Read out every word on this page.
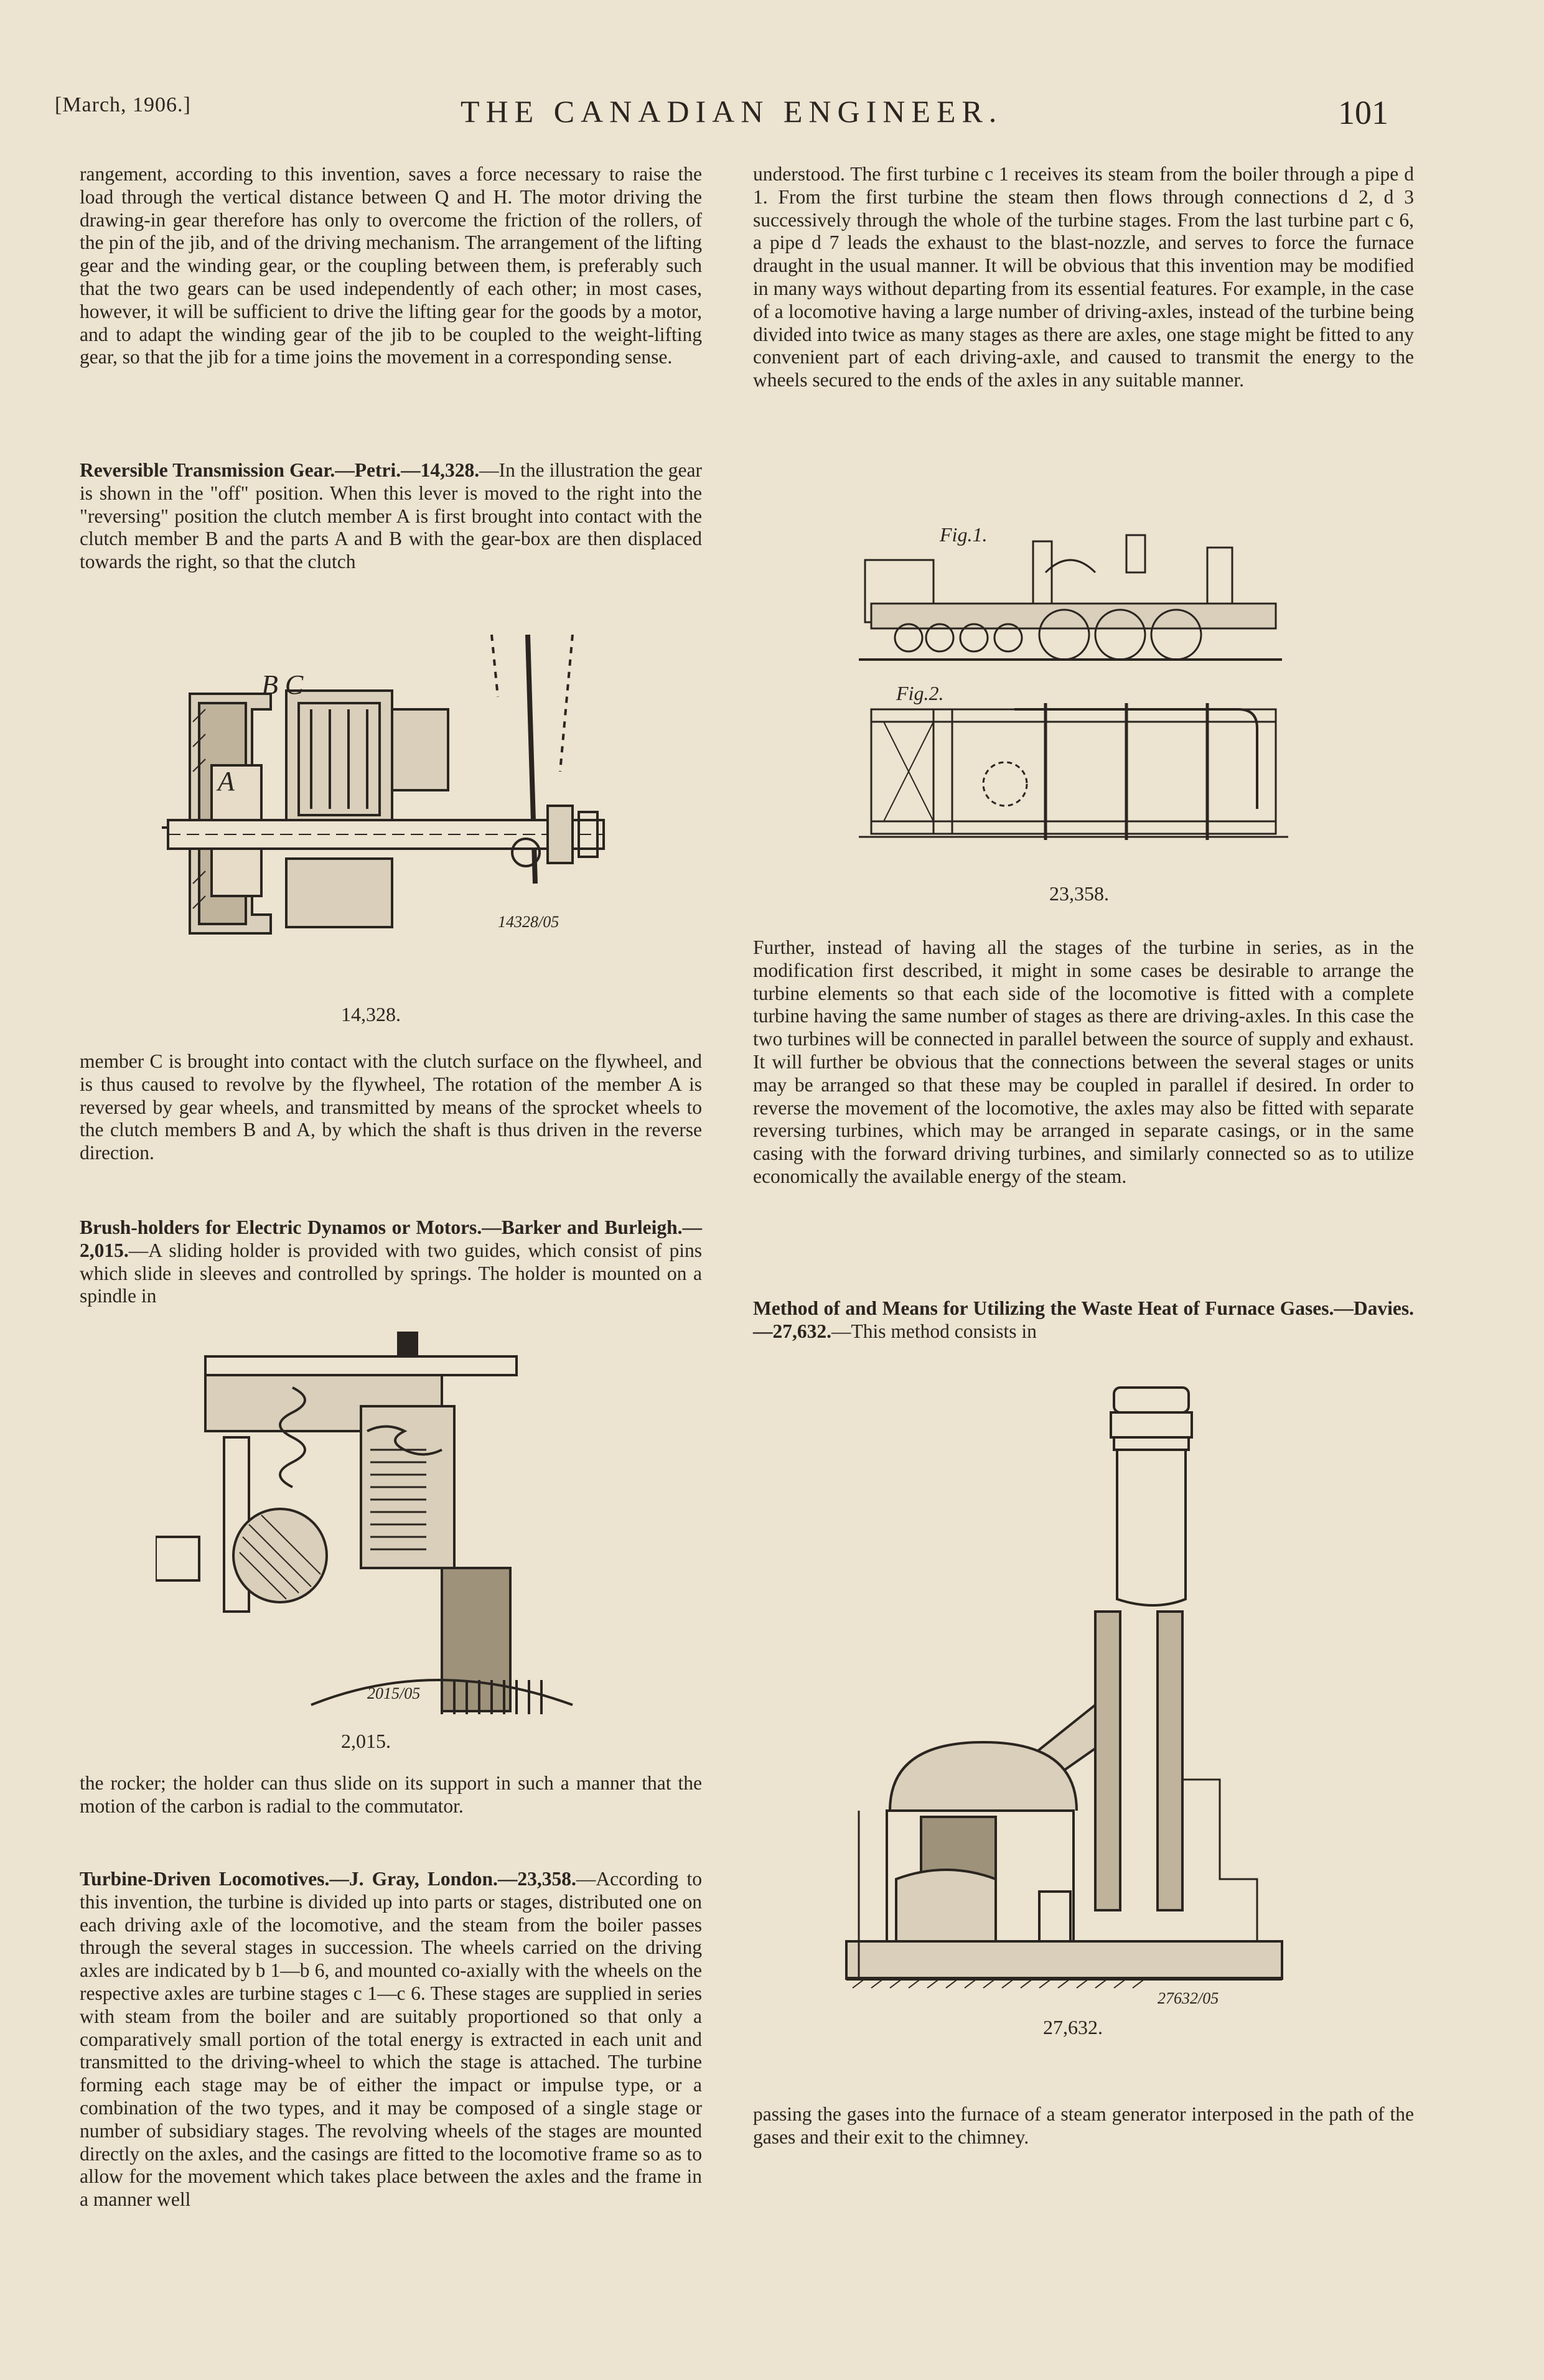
[March, 1906.]	THE CANADIAN ENGINEER.	101

rangement, according to this invention, saves a force necessary to raise the load through the vertical distance between Q and H. The motor driving the drawing-in gear therefore has only to overcome the friction of the rollers, of the pin of the jib, and of the driving mechanism. The arrangement of the lifting gear and the winding gear, or the coupling between them, is preferably such that the two gears can be used independently of each other; in most cases, however, it will be sufficient to drive the lifting gear for the goods by a motor, and to adapt the winding gear of the jib to be coupled to the weight-lifting gear, so that the jib for a time joins the movement in a corresponding sense.

Reversible Transmission Gear.—Petri.—14,328.—In the illustration the gear is shown in the "off" position. When this lever is moved to the right into the "reversing" position the clutch member A is first brought into contact with the clutch member B and the parts A and B with the gear-box are then displaced towards the right, so that the clutch

B C
A
14328/05
14,328.

member C is brought into contact with the clutch surface on the flywheel, and is thus caused to revolve by the flywheel, The rotation of the member A is reversed by gear wheels, and transmitted by means of the sprocket wheels to the clutch members B and A, by which the shaft is thus driven in the reverse direction.

Brush-holders for Electric Dynamos or Motors.—Barker and Burleigh.—2,015.—A sliding holder is provided with two guides, which consist of pins which slide in sleeves and controlled by springs. The holder is mounted on a spindle in

2015/05
2,015.

the rocker; the holder can thus slide on its support in such a manner that the motion of the carbon is radial to the commutator.

Turbine-Driven Locomotives.—J. Gray, London.—23,358.—According to this invention, the turbine is divided up into parts or stages, distributed one on each driving axle of the locomotive, and the steam from the boiler passes through the several stages in succession. The wheels carried on the driving axles are indicated by b 1—b 6, and mounted co-axially with the wheels on the respective axles are turbine stages c 1—c 6. These stages are supplied in series with steam from the boiler and are suitably proportioned so that only a comparatively small portion of the total energy is extracted in each unit and transmitted to the driving-wheel to which the stage is attached. The turbine forming each stage may be of either the impact or impulse type, or a combination of the two types, and it may be composed of a single stage or number of subsidiary stages. The revolving wheels of the stages are mounted directly on the axles, and the casings are fitted to the locomotive frame so as to allow for the movement which takes place between the axles and the frame in a manner well

understood. The first turbine c 1 receives its steam from the boiler through a pipe d 1. From the first turbine the steam then flows through connections d 2, d 3 successively through the whole of the turbine stages. From the last turbine part c 6, a pipe d 7 leads the exhaust to the blast-nozzle, and serves to force the furnace draught in the usual manner. It will be obvious that this invention may be modified in many ways without departing from its essential features. For example, in the case of a locomotive having a large number of driving-axles, instead of the turbine being divided into twice as many stages as there are axles, one stage might be fitted to any convenient part of each driving-axle, and caused to transmit the energy to the wheels secured to the ends of the axles in any suitable manner.

Fig.1.
Fig.2.
23,358.

Further, instead of having all the stages of the turbine in series, as in the modification first described, it might in some cases be desirable to arrange the turbine elements so that each side of the locomotive is fitted with a complete turbine having the same number of stages as there are driving-axles. In this case the two turbines will be connected in parallel between the source of supply and exhaust. It will further be obvious that the connections between the several stages or units may be arranged so that these may be coupled in parallel if desired. In order to reverse the movement of the locomotive, the axles may also be fitted with separate reversing turbines, which may be arranged in separate casings, or in the same casing with the forward driving turbines, and similarly connected so as to utilize economically the available energy of the steam.

Method of and Means for Utilizing the Waste Heat of Furnace Gases.—Davies.—27,632.—This method consists in

27632/05
27,632.

passing the gases into the furnace of a steam generator interposed in the path of the gases and their exit to the chimney.
